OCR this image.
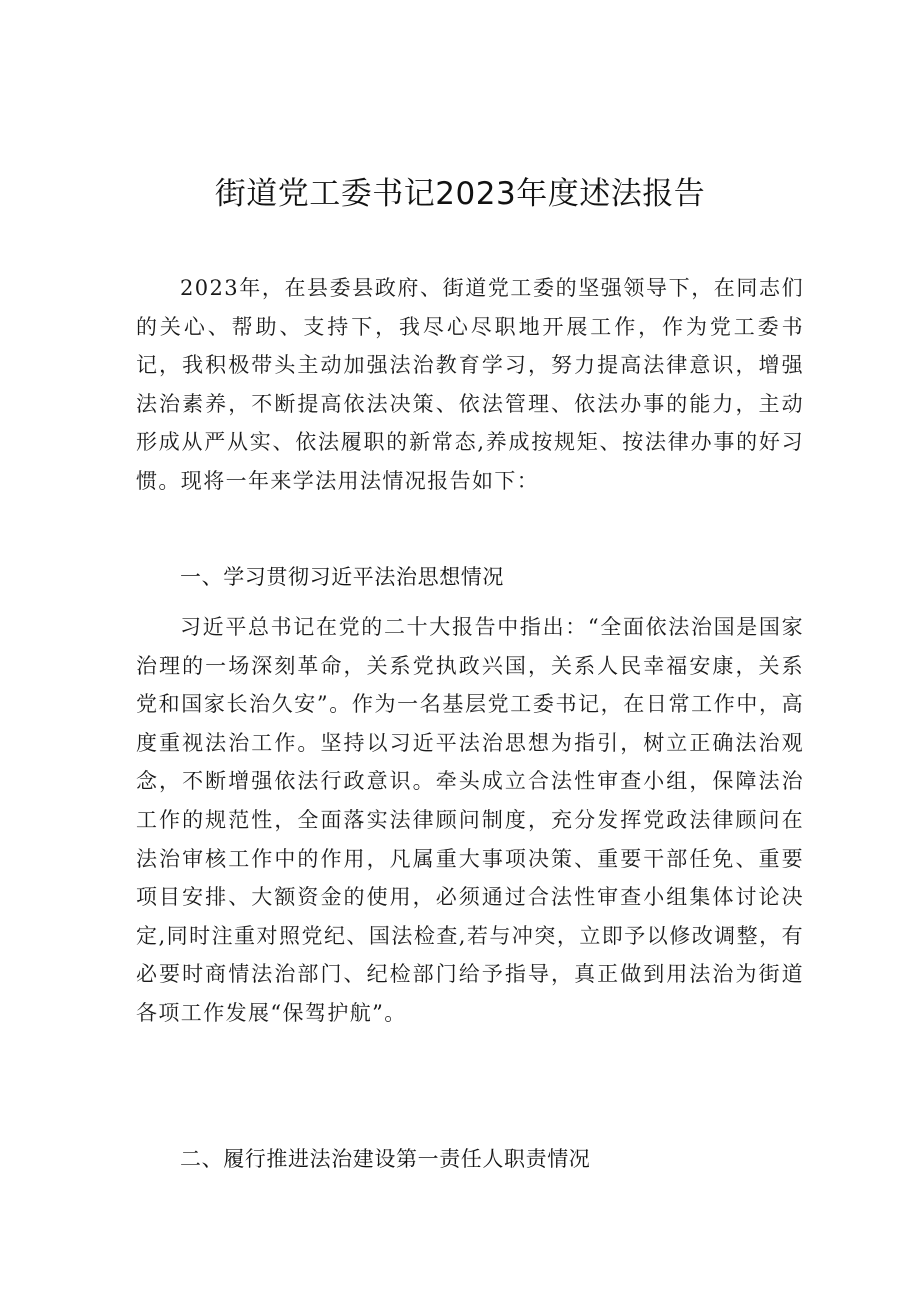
街道党工委书记2023年度述法报告

2023年，在县委县政府、街道党工委的坚强领导下，在同志们的关心、帮助、支持下，我尽心尽职地开展工作，作为党工委书记，我积极带头主动加强法治教育学习，努力提高法律意识，增强法治素养，不断提高依法决策、依法管理、依法办事的能力，主动形成从严从实、依法履职的新常态,养成按规矩、按法律办事的好习惯。现将一年来学法用法情况报告如下：

一、学习贯彻习近平法治思想情况

习近平总书记在党的二十大报告中指出：“全面依法治国是国家治理的一场深刻革命，关系党执政兴国，关系人民幸福安康，关系党和国家长治久安”。作为一名基层党工委书记，在日常工作中，高度重视法治工作。坚持以习近平法治思想为指引，树立正确法治观念，不断增强依法行政意识。牵头成立合法性审查小组，保障法治工作的规范性，全面落实法律顾问制度，充分发挥党政法律顾问在法治审核工作中的作用，凡属重大事项决策、重要干部任免、重要项目安排、大额资金的使用，必须通过合法性审查小组集体讨论决定,同时注重对照党纪、国法检查,若与冲突，立即予以修改调整，有必要时商情法治部门、纪检部门给予指导，真正做到用法治为街道各项工作发展“保驾护航”。

二、履行推进法治建设第一责任人职责情况
